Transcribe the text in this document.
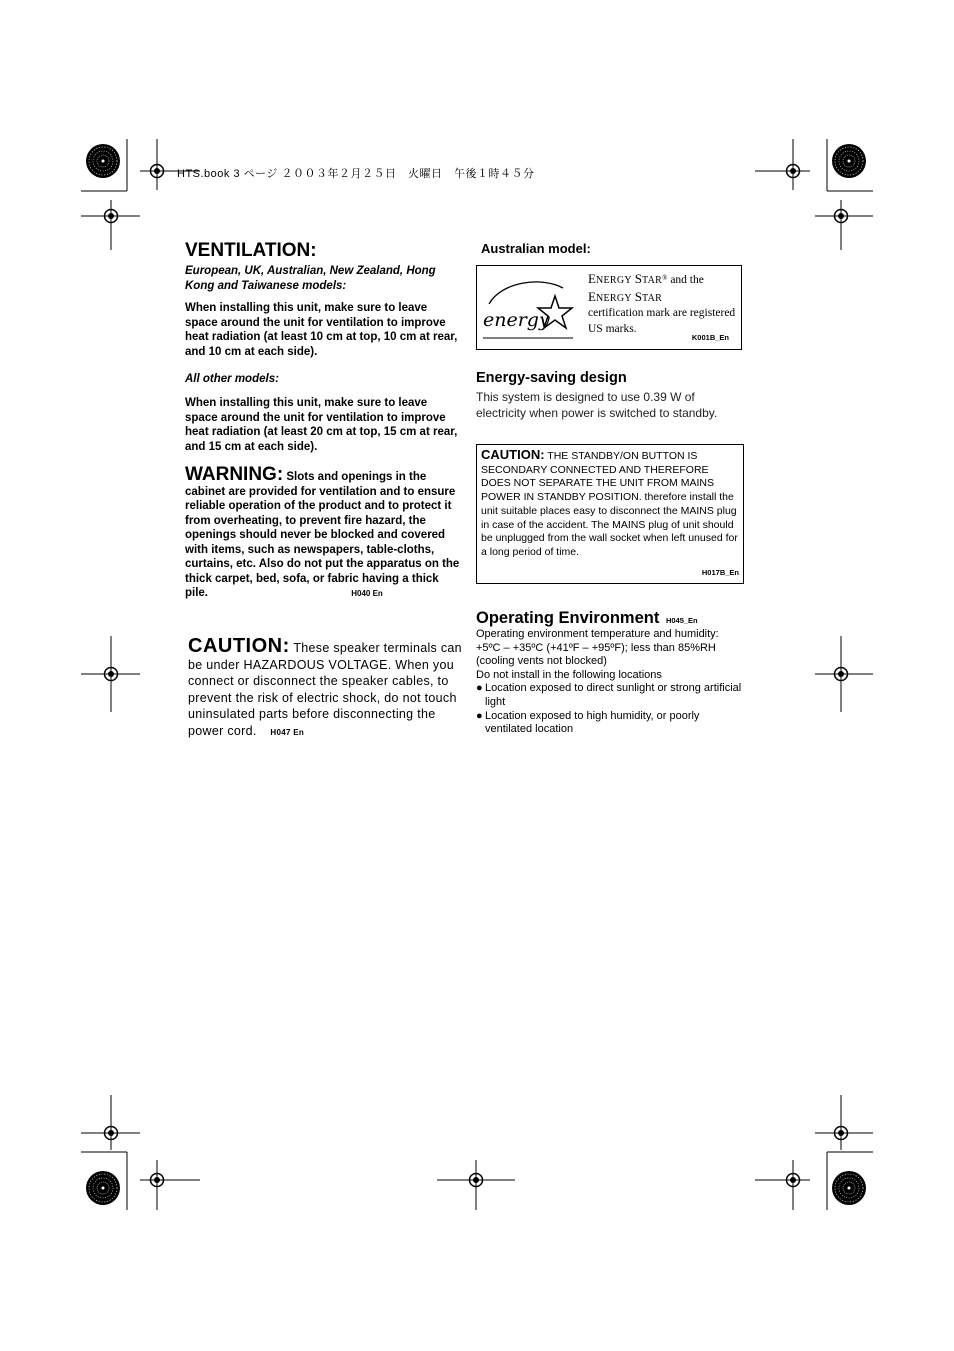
HTS.book 3 ページ ２００３年２月２５日　火曜日　午後１時４５分
VENTILATION:
European, UK, Australian, New Zealand, Hong Kong and Taiwanese models:
When installing this unit, make sure to leave space around the unit for ventilation to improve heat radiation (at least 10 cm at top, 10 cm at rear, and 10 cm at each side).
All other models:
When installing this unit, make sure to leave space around the unit for ventilation to improve heat radiation (at least 20 cm at top, 15 cm at rear, and 15 cm at each side).
WARNING: Slots and openings in the cabinet are provided for ventilation and to ensure reliable operation of the product and to protect it from overheating, to prevent fire hazard, the openings should never be blocked and covered with items, such as newspapers, table-cloths, curtains, etc. Also do not put the apparatus on the thick carpet, bed, sofa, or fabric having a thick pile.	H040 En
CAUTION: These speaker terminals can be under HAZARDOUS VOLTAGE. When you connect or disconnect the speaker cables, to prevent the risk of electric shock, do not touch uninsulated parts before disconnecting the power cord. H047 En
Australian model:
energy
ENERGY STAR® and the
ENERGY STAR
certification mark are registered US marks.
K001B_En
Energy-saving design
This system is designed to use 0.39 W of electricity when power is switched to standby.
CAUTION: THE STANDBY/ON BUTTON IS SECONDARY CONNECTED AND THEREFORE DOES NOT SEPARATE THE UNIT FROM MAINS POWER IN STANDBY POSITION. therefore install the unit suitable places easy to disconnect the MAINS plug in case of the accident. The MAINS plug of unit should be unplugged from the wall socket when left unused for a long period of time.
H017B_En
Operating Environment H045_En
Operating environment temperature and humidity:
+5ºC – +35ºC (+41ºF – +95ºF); less than 85%RH (cooling vents not blocked)
Do not install in the following locations
● Location exposed to direct sunlight or strong artificial light
● Location exposed to high humidity, or poorly ventilated location
